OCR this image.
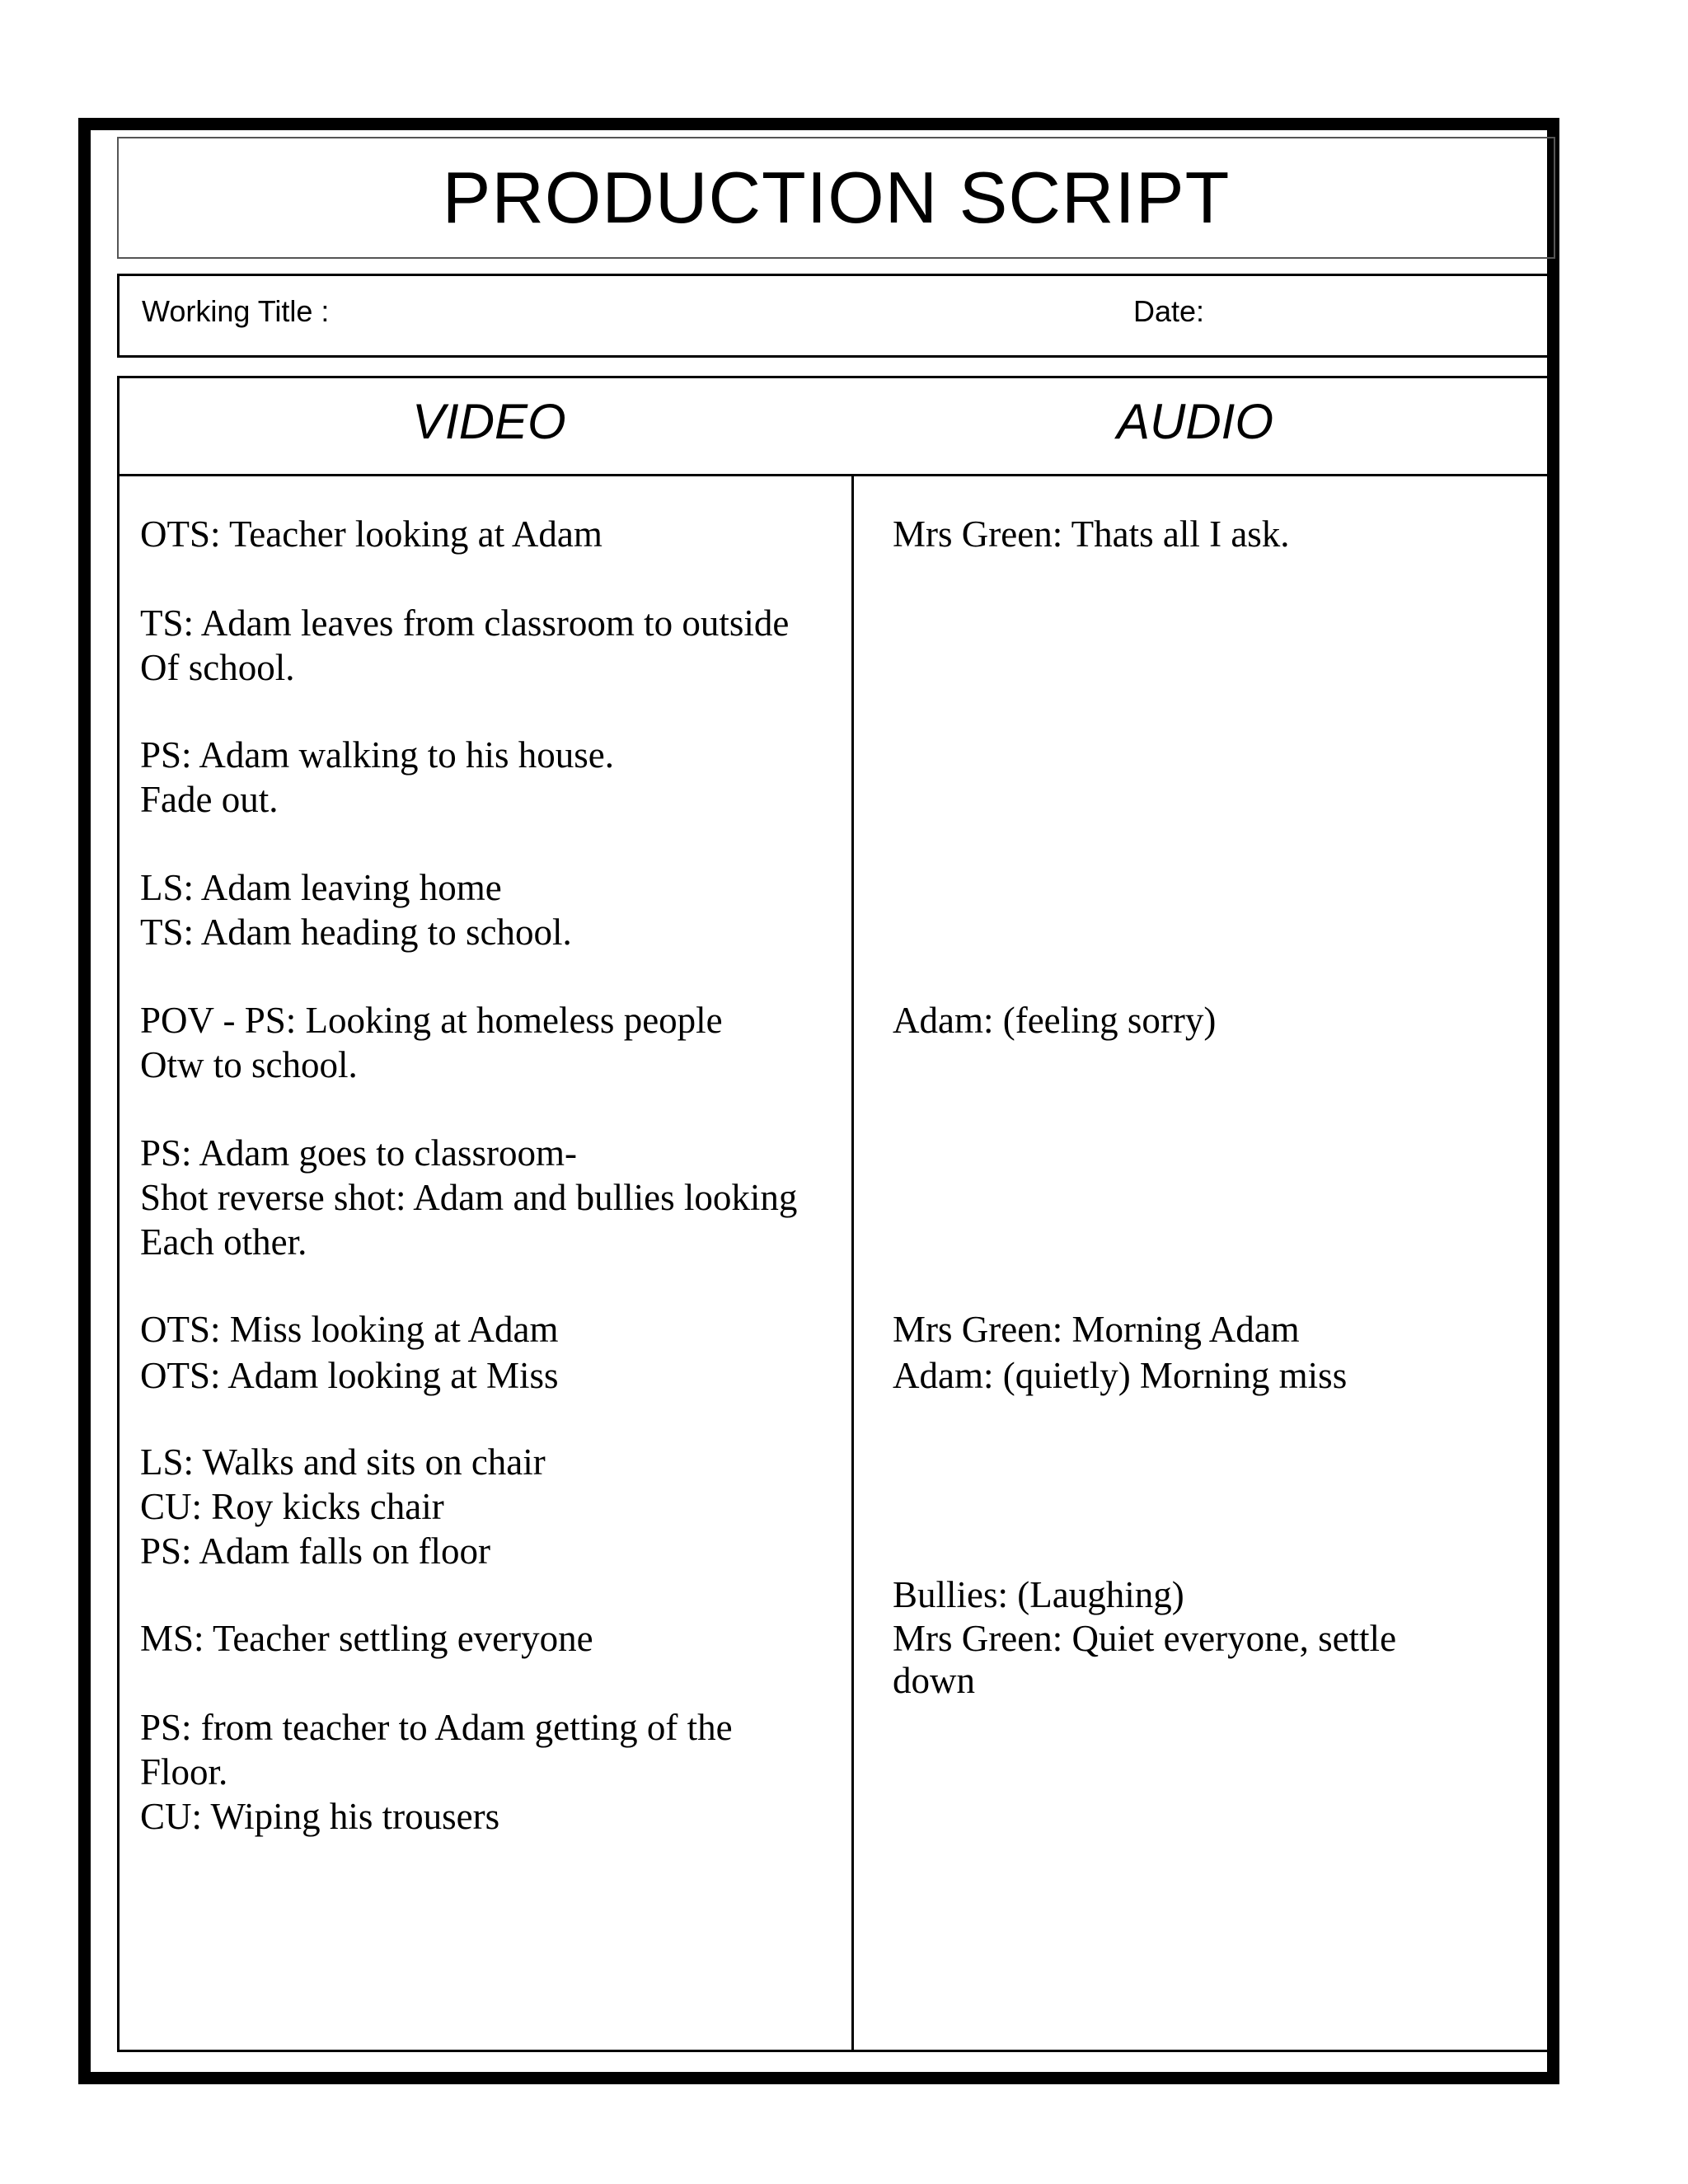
PRODUCTION SCRIPT
Working Title :	Date:
VIDEO	AUDIO
OTS: Teacher looking at Adam
TS: Adam leaves from classroom to outside
Of school.
PS: Adam walking to his house.
Fade out.
LS: Adam leaving home
TS: Adam heading to school.
POV - PS: Looking at homeless people
Otw to school.
PS: Adam goes to classroom-
Shot reverse shot: Adam and bullies looking
Each other.
OTS: Miss looking at Adam
OTS: Adam looking at Miss
LS: Walks and sits on chair
CU: Roy kicks chair
PS: Adam falls on floor
MS: Teacher settling everyone
PS: from teacher to Adam getting of the
Floor.
CU: Wiping his trousers
Mrs Green: Thats all I ask.
Adam: (feeling sorry)
Mrs Green: Morning Adam
Adam: (quietly) Morning miss
Bullies: (Laughing)
Mrs Green: Quiet everyone, settle
down
